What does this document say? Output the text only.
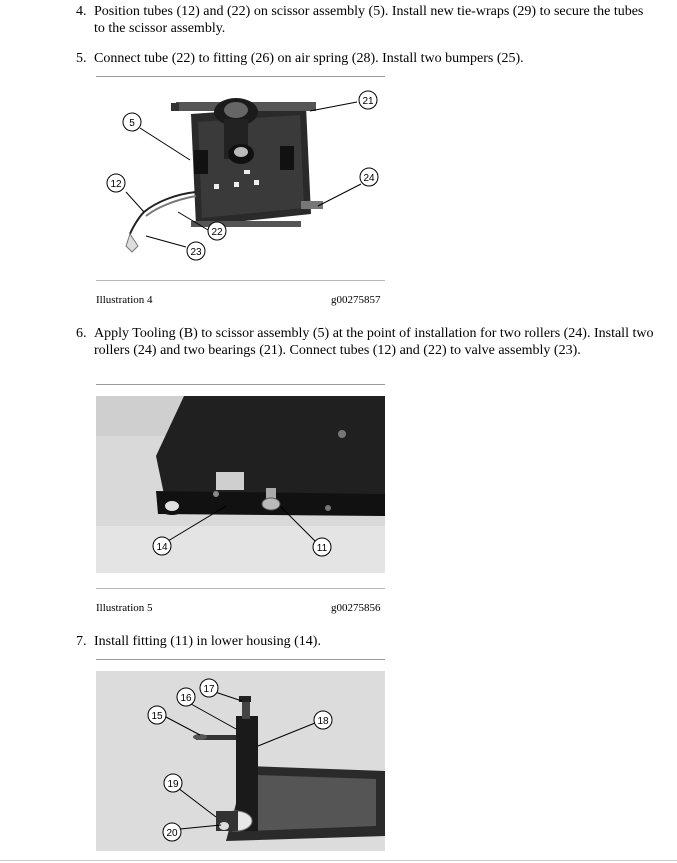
4. Position tubes (12) and (22) on scissor assembly (5). Install new tie-wraps (29) to secure the tubes to the scissor assembly.
5. Connect tube (22) to fitting (26) on air spring (28). Install two bumpers (25).
5
21
12
24
22
23
Illustration 4	g00275857
6. Apply Tooling (B) to scissor assembly (5) at the point of installation for two rollers (24). Install two rollers (24) and two bearings (21). Connect tubes (12) and (22) to valve assembly (23).
14	11
Illustration 5	g00275856
7. Install fitting (11) in lower housing (14).
17
16
15	18
19
20
